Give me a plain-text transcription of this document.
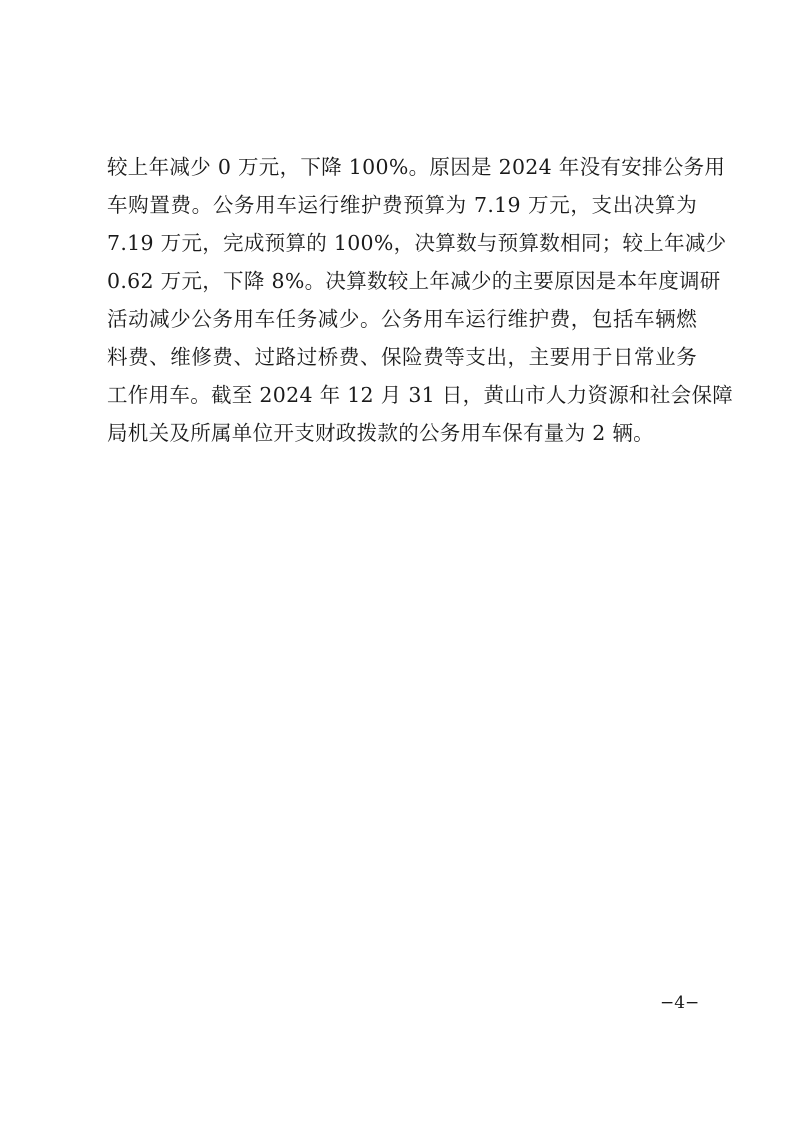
较上年减少 0 万元，下降 100%。原因是 2024 年没有安排公务用
车购置费。公务用车运行维护费预算为 7.19 万元，支出决算为
7.19 万元，完成预算的 100%，决算数与预算数相同；较上年减少
0.62 万元，下降 8%。决算数较上年减少的主要原因是本年度调研
活动减少公务用车任务减少。公务用车运行维护费，包括车辆燃
料费、维修费、过路过桥费、保险费等支出，主要用于日常业务
工作用车。截至 2024 年 12 月 31 日，黄山市人力资源和社会保障
局机关及所属单位开支财政拨款的公务用车保有量为 2 辆。
−4−
